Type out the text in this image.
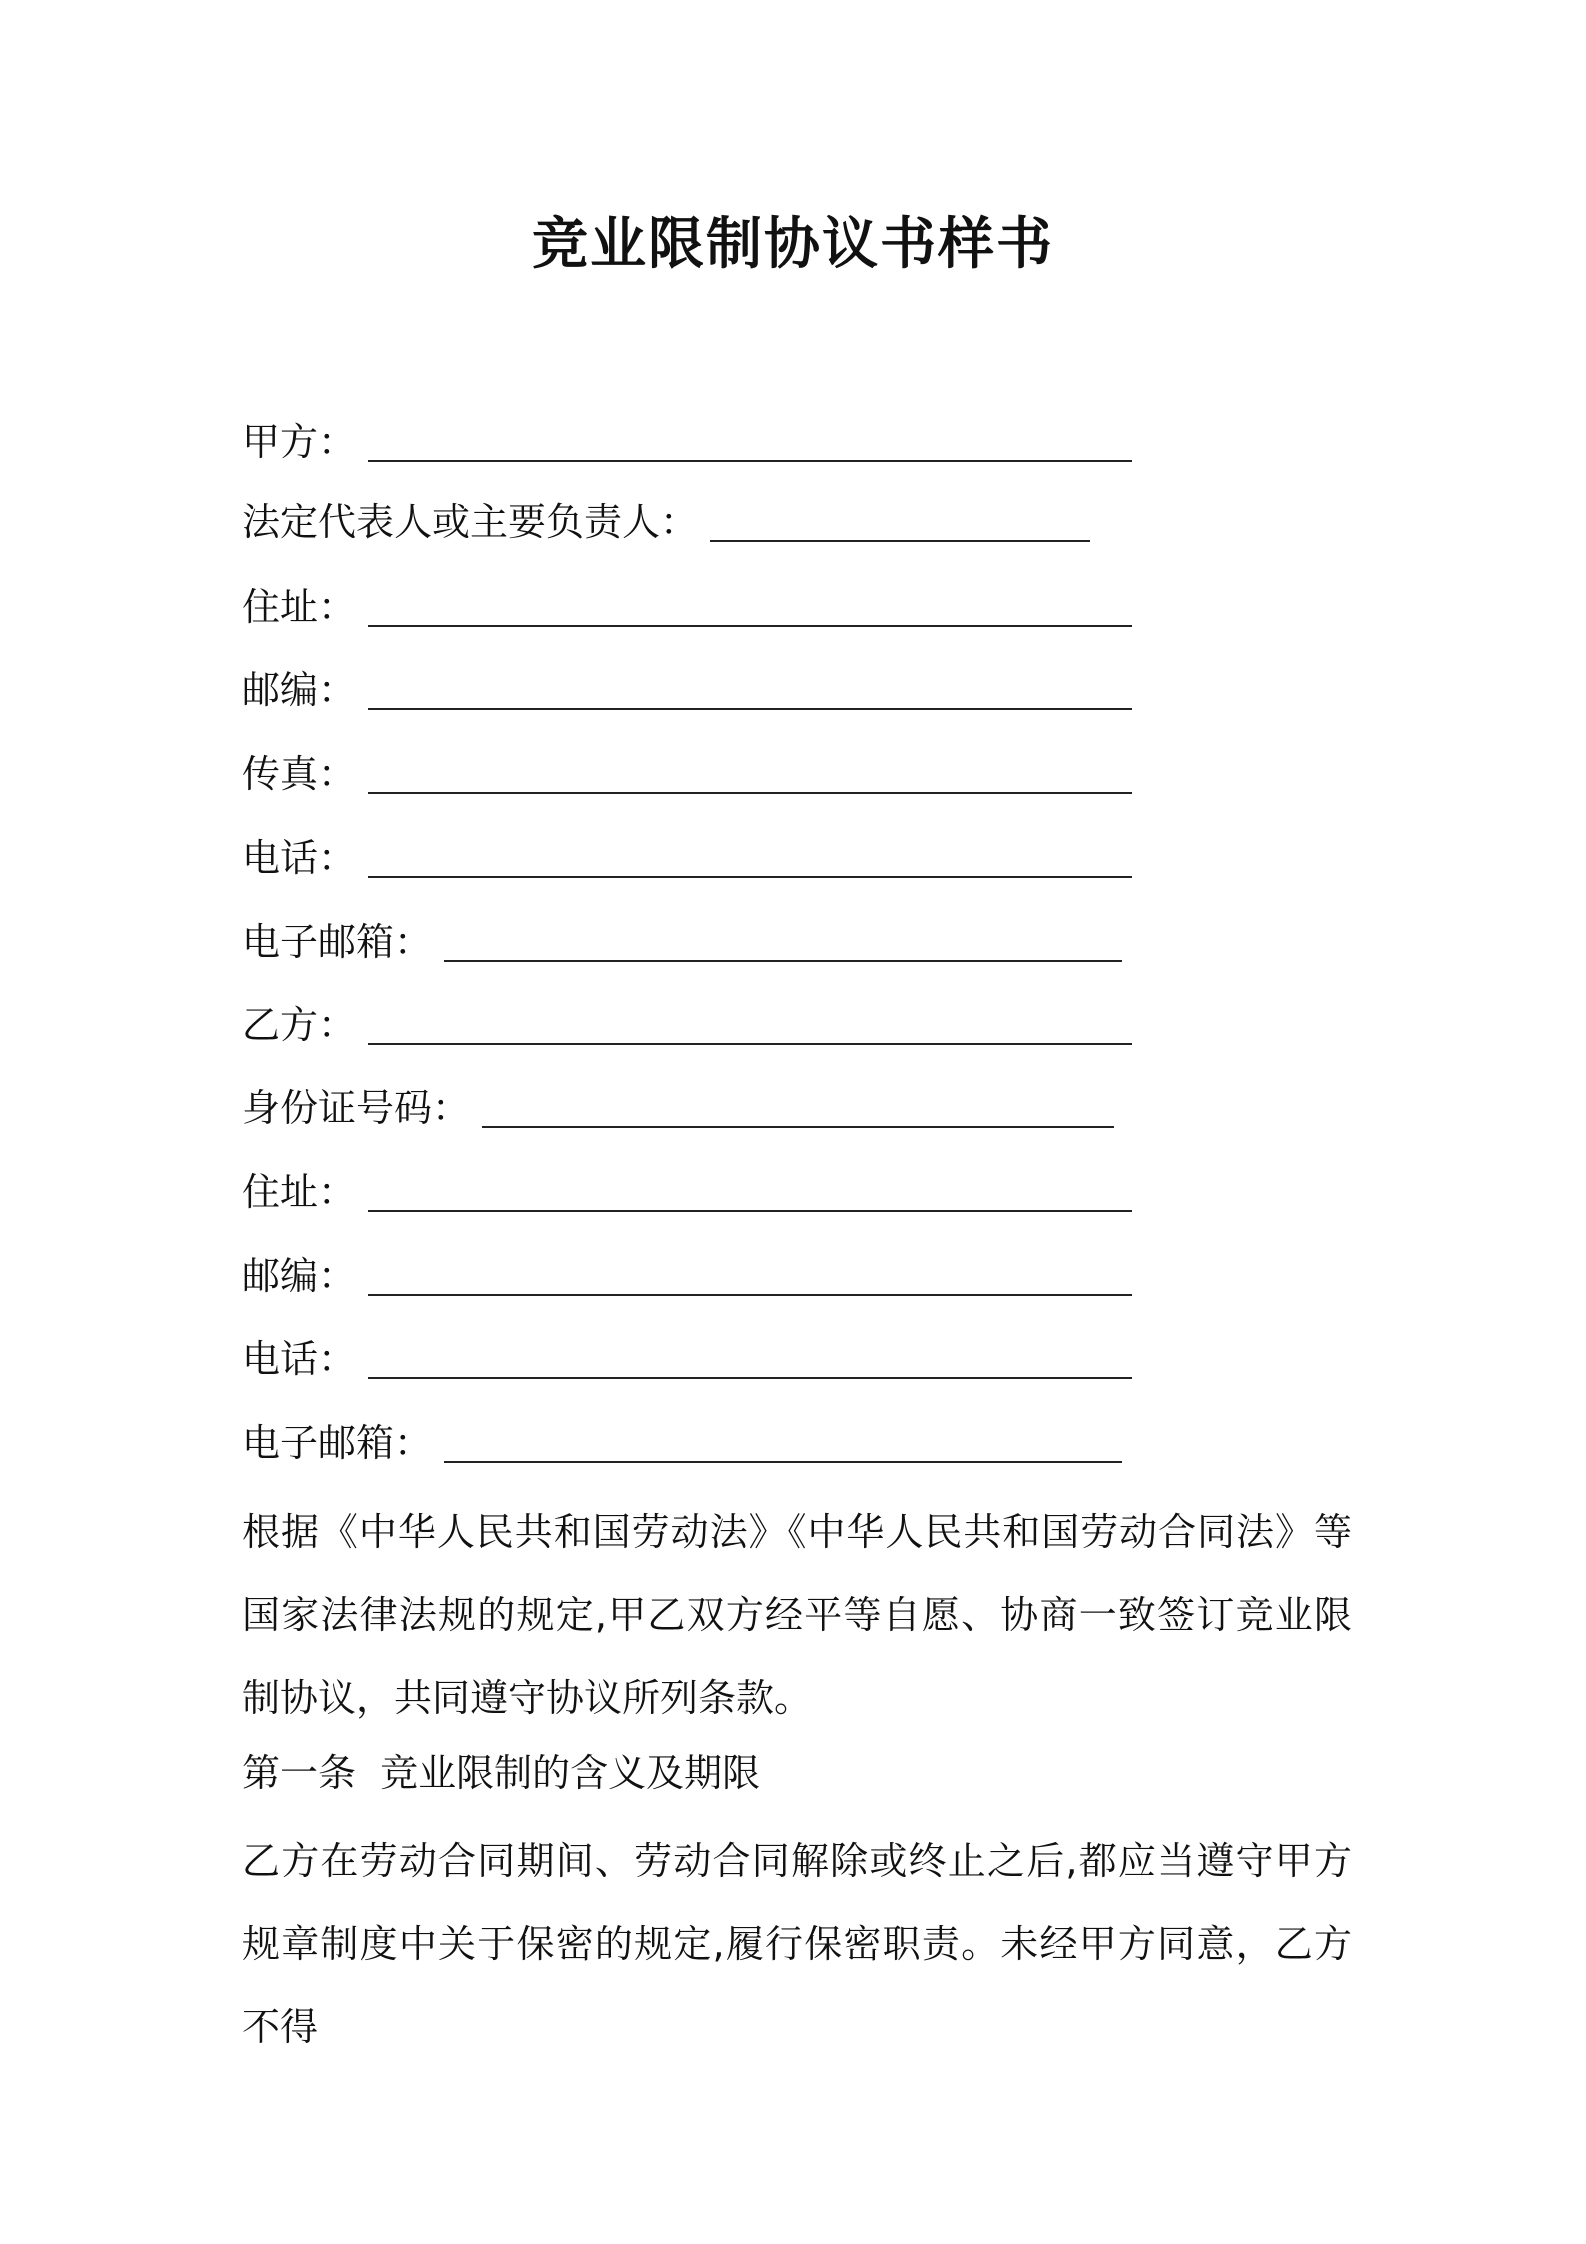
竞业限制协议书样书
甲方：
法定代表人或主要负责人：
住址：
邮编：
传真：
电话：
电子邮箱：
乙方：
身份证号码：
住址：
邮编：
电话：
电子邮箱：

根据《中华人民共和国劳动法》《中华人民共和国劳动合同法》等国家法律法规的规定,甲乙双方经平等自愿、协商一致签订竞业限制协议，共同遵守协议所列条款。

第一条  竞业限制的含义及期限

乙方在劳动合同期间、劳动合同解除或终止之后,都应当遵守甲方规章制度中关于保密的规定,履行保密职责。未经甲方同意，乙方不得
